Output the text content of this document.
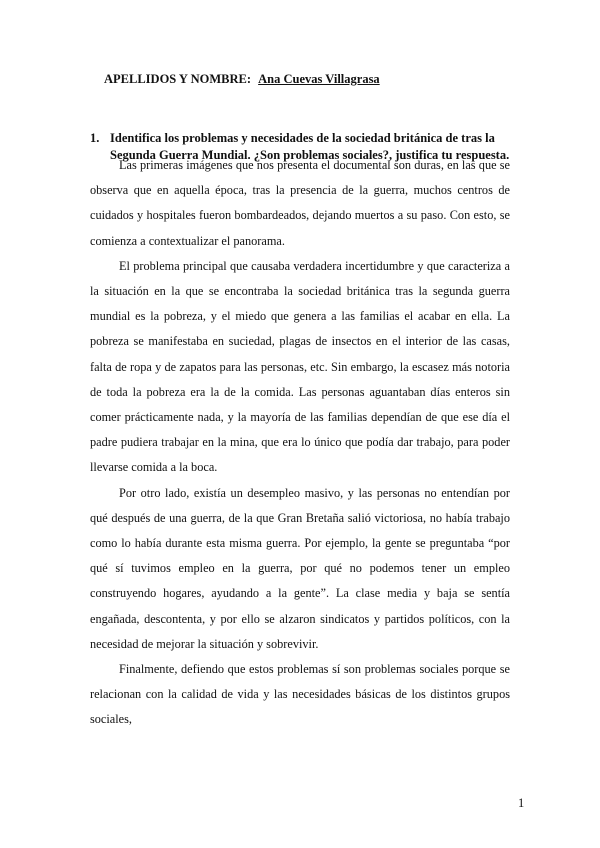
APELLIDOS Y NOMBRE: Ana Cuevas Villagrasa
1. Identifica los problemas y necesidades de la sociedad británica de tras la Segunda Guerra Mundial. ¿Son problemas sociales?, justifica tu respuesta.

Las primeras imágenes que nos presenta el documental son duras, en las que se observa que en aquella época, tras la presencia de la guerra, muchos centros de cuidados y hospitales fueron bombardeados, dejando muertos a su paso. Con esto, se comienza a contextualizar el panorama.

El problema principal que causaba verdadera incertidumbre y que caracteriza a la situación en la que se encontraba la sociedad británica tras la segunda guerra mundial es la pobreza, y el miedo que genera a las familias el acabar en ella. La pobreza se manifestaba en suciedad, plagas de insectos en el interior de las casas, falta de ropa y de zapatos para las personas, etc. Sin embargo, la escasez más notoria de toda la pobreza era la de la comida. Las personas aguantaban días enteros sin comer prácticamente nada, y la mayoría de las familias dependían de que ese día el padre pudiera trabajar en la mina, que era lo único que podía dar trabajo, para poder llevarse comida a la boca.

Por otro lado, existía un desempleo masivo, y las personas no entendían por qué después de una guerra, de la que Gran Bretaña salió victoriosa, no había trabajo como lo había durante esta misma guerra. Por ejemplo, la gente se preguntaba “por qué sí tuvimos empleo en la guerra, por qué no podemos tener un empleo construyendo hogares, ayudando a la gente”. La clase media y baja se sentía engañada, descontenta, y por ello se alzaron sindicatos y partidos políticos, con la necesidad de mejorar la situación y sobrevivir.

Finalmente, defiendo que estos problemas sí son problemas sociales porque se relacionan con la calidad de vida y las necesidades básicas de los distintos grupos sociales,

1
